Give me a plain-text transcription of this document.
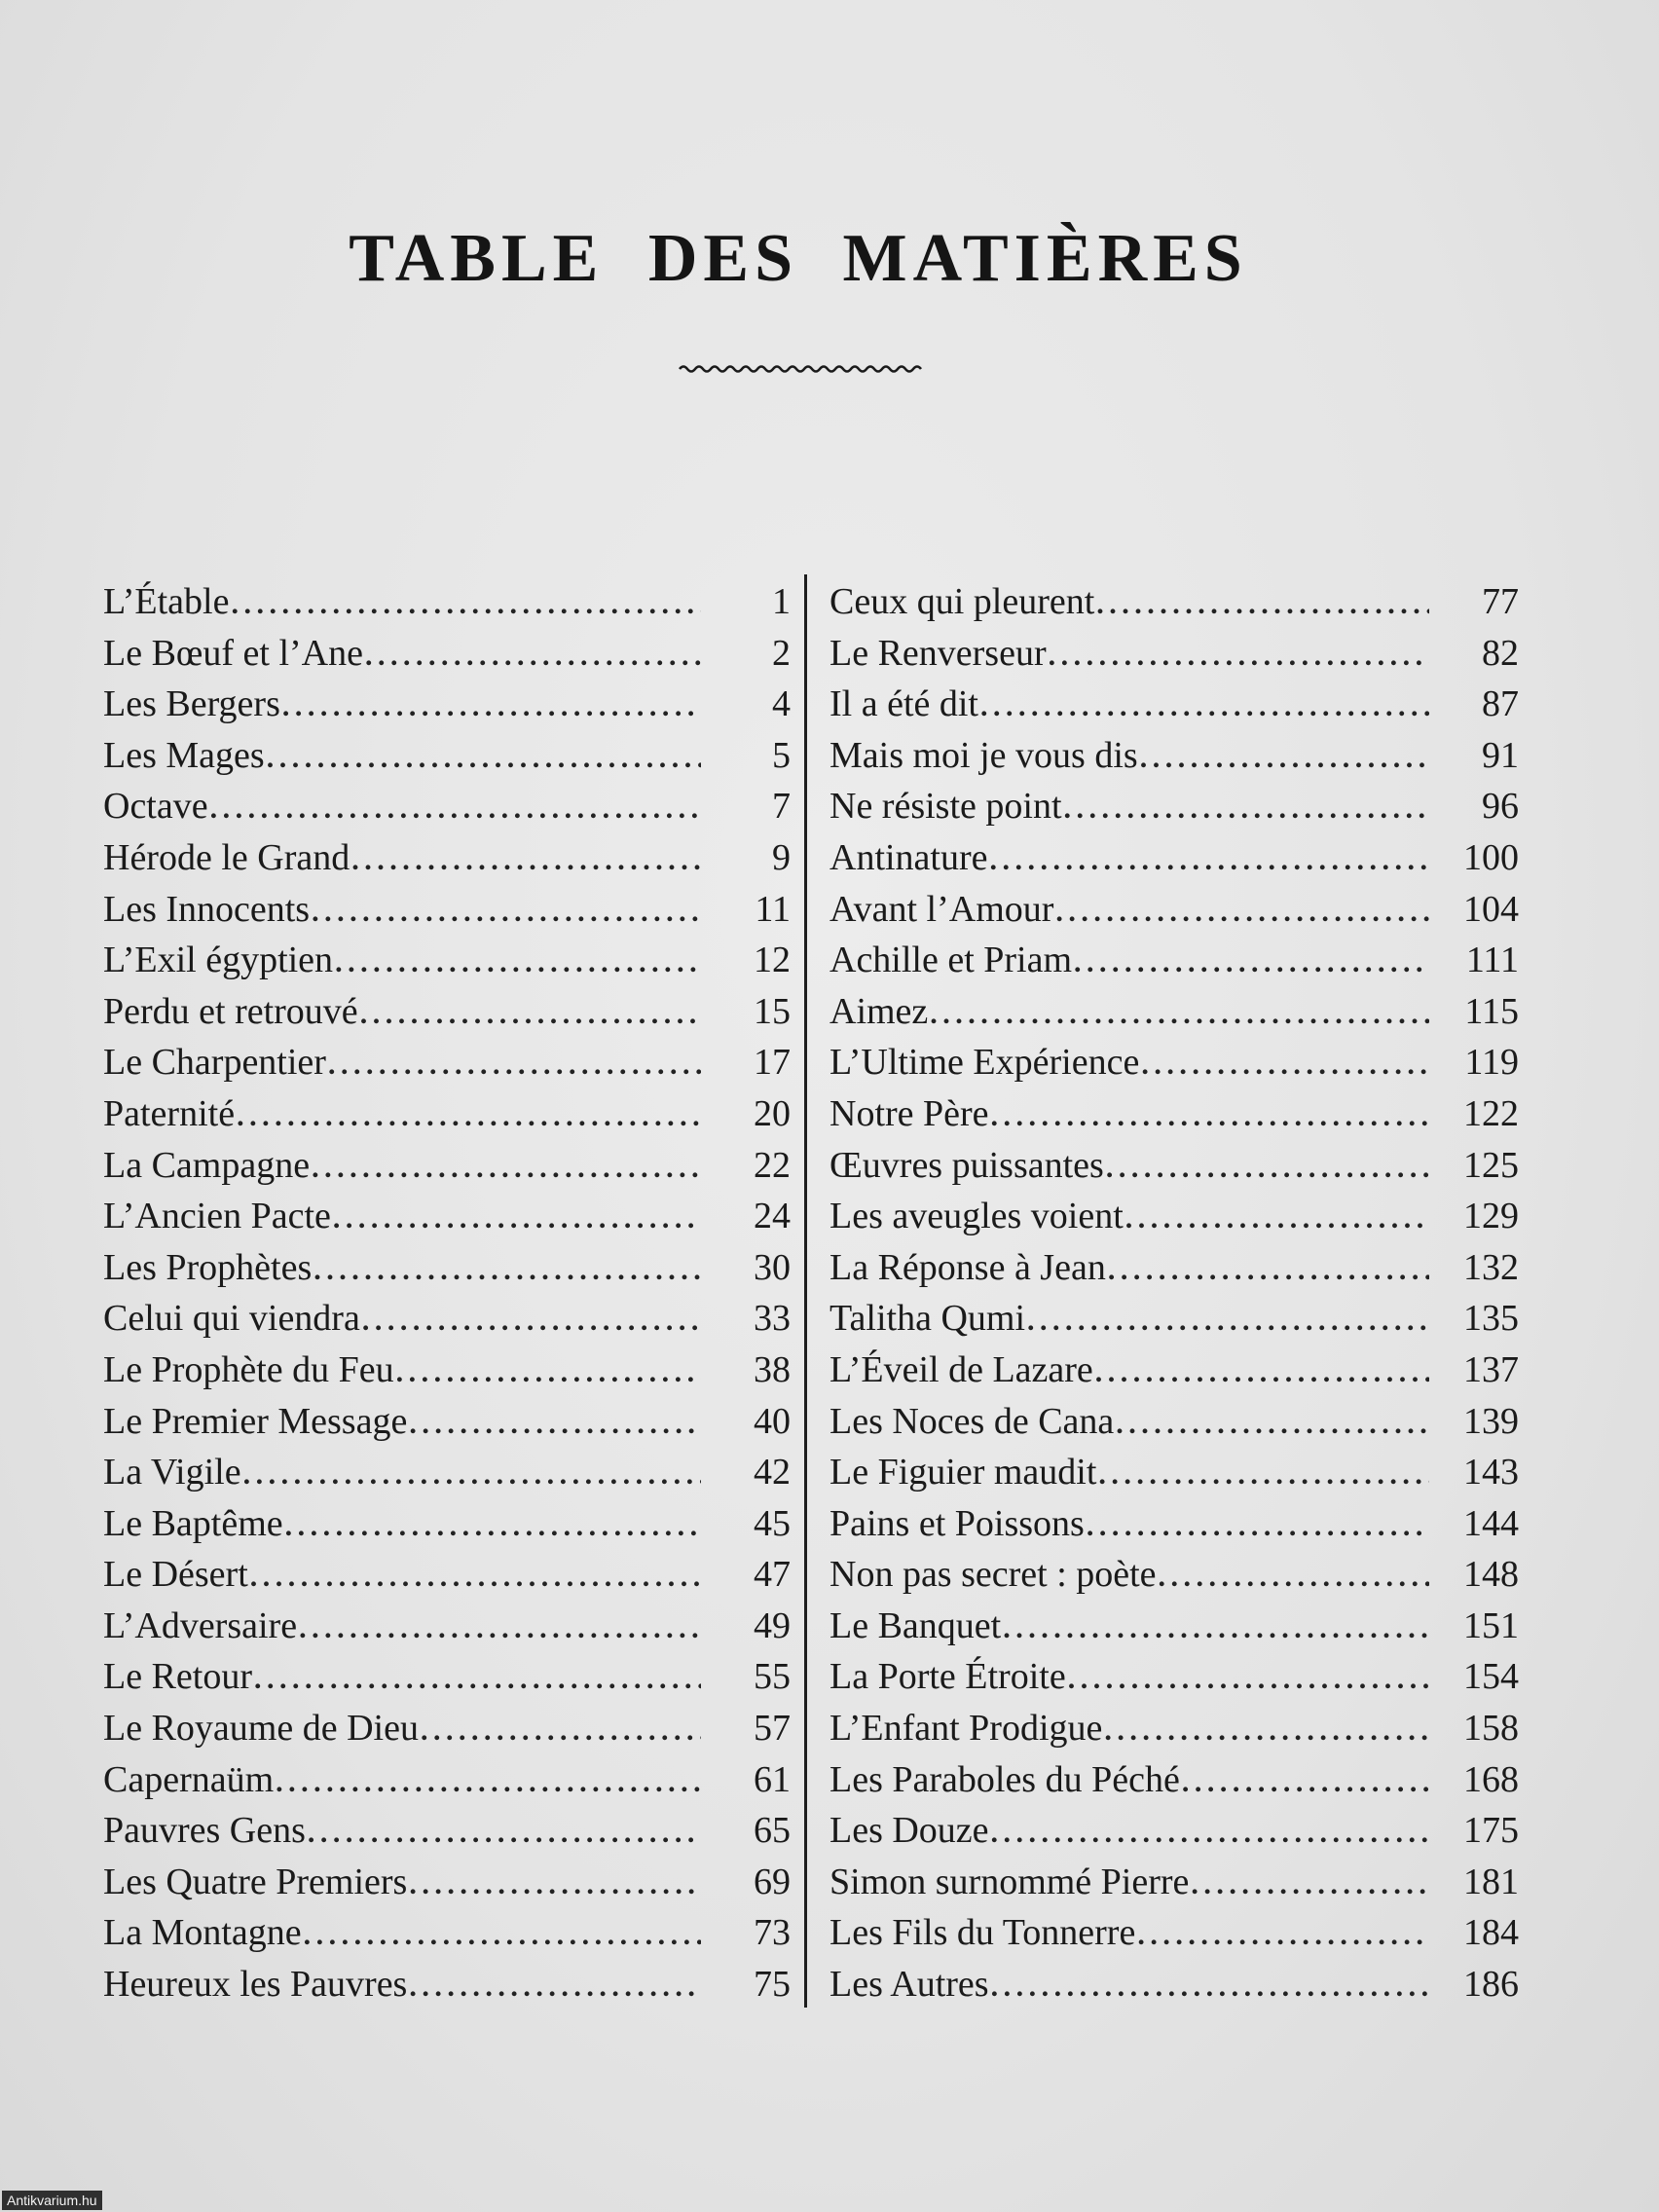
TABLE DES MATIÈRES
L’Étable . . .	1
Le Bœuf et l’Ane . . .	2
Les Bergers . . .	4
Les Mages . . .	5
Octave . . .	7
Hérode le Grand . . .	9
Les Innocents . . .	11
L’Exil égyptien . . .	12
Perdu et retrouvé . . .	15
Le Charpentier . . .	17
Paternité . . .	20
La Campagne . . .	22
L’Ancien Pacte . . .	24
Les Prophètes . . .	30
Celui qui viendra . . .	33
Le Prophète du Feu . . .	38
Le Premier Message . . .	40
La Vigile . . .	42
Le Baptême . . .	45
Le Désert . . .	47
L’Adversaire . . .	49
Le Retour . . .	55
Le Royaume de Dieu . . .	57
Capernaüm . . .	61
Pauvres Gens . . .	65
Les Quatre Premiers . . .	69
La Montagne . . .	73
Heureux les Pauvres . . .	75
Ceux qui pleurent . . .	77
Le Renverseur . . .	82
Il a été dit . . .	87
Mais moi je vous dis . . .	91
Ne résiste point . . .	96
Antinature . . .	100
Avant l’Amour . . .	104
Achille et Priam . . .	111
Aimez . . .	115
L’Ultime Expérience . . .	119
Notre Père . . .	122
Œuvres puissantes . . .	125
Les aveugles voient . . .	129
La Réponse à Jean . . .	132
Talitha Qumi . . .	135
L’Éveil de Lazare . . .	137
Les Noces de Cana . . .	139
Le Figuier maudit . . .	143
Pains et Poissons . . .	144
Non pas secret : poète . . .	148
Le Banquet . . .	151
La Porte Étroite . . .	154
L’Enfant Prodigue . . .	158
Les Paraboles du Péché . . .	168
Les Douze . . .	175
Simon surnommé Pierre . . .	181
Les Fils du Tonnerre . . .	184
Les Autres . . .	186
Antikvarium.hu
